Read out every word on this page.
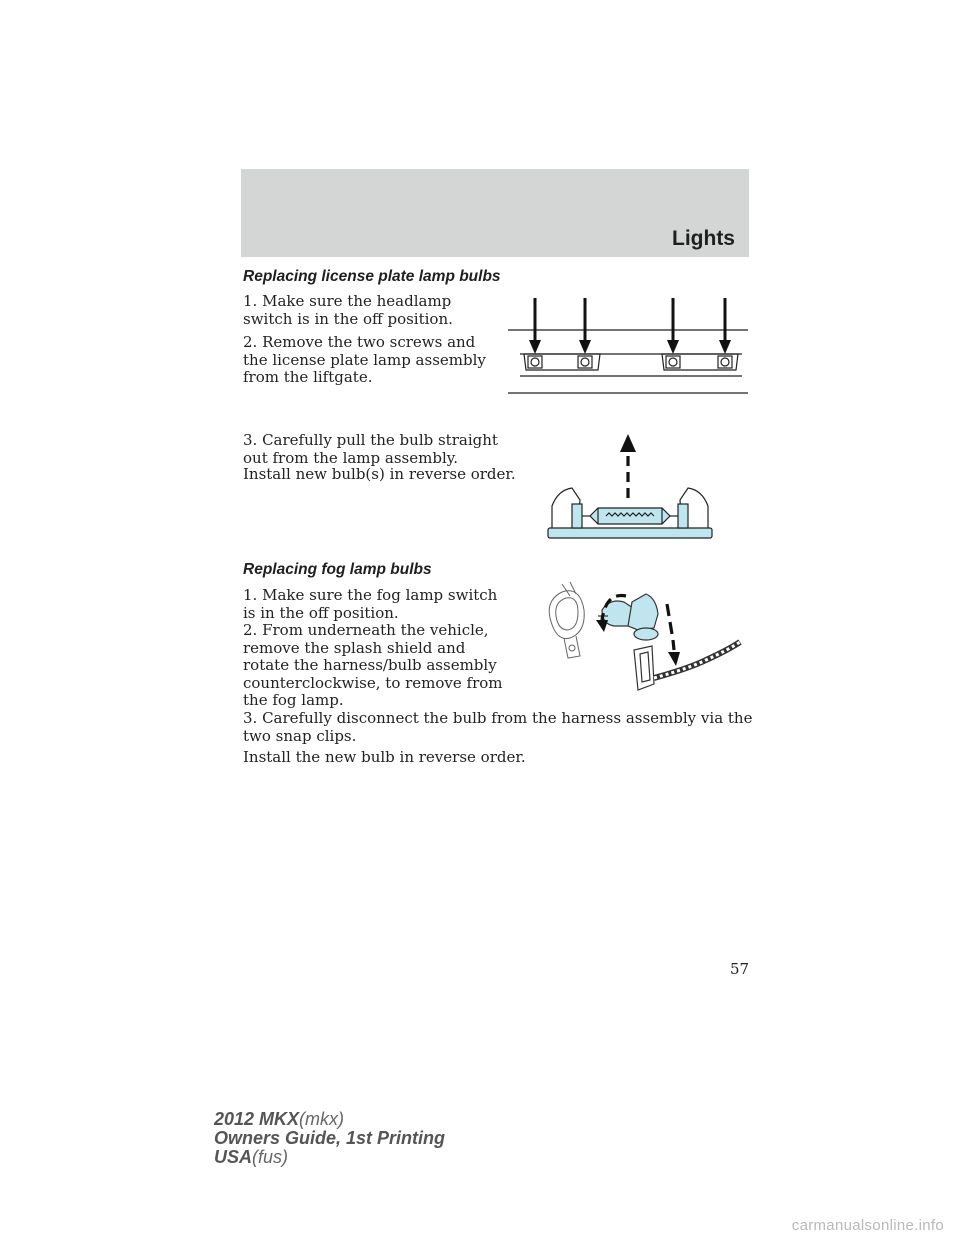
Lights
Replacing license plate lamp bulbs
1. Make sure the headlamp switch is in the off position.
2. Remove the two screws and the license plate lamp assembly from the liftgate.
3. Carefully pull the bulb straight out from the lamp assembly.
Install new bulb(s) in reverse order.
Replacing fog lamp bulbs
1. Make sure the fog lamp switch is in the off position.
2. From underneath the vehicle, remove the splash shield and rotate the harness/bulb assembly counterclockwise, to remove from the fog lamp.
3. Carefully disconnect the bulb from the harness assembly via the two snap clips.
Install the new bulb in reverse order.
57
2012 MKX(mkx)
Owners Guide, 1st Printing
USA(fus)
carmanualsonline.info
